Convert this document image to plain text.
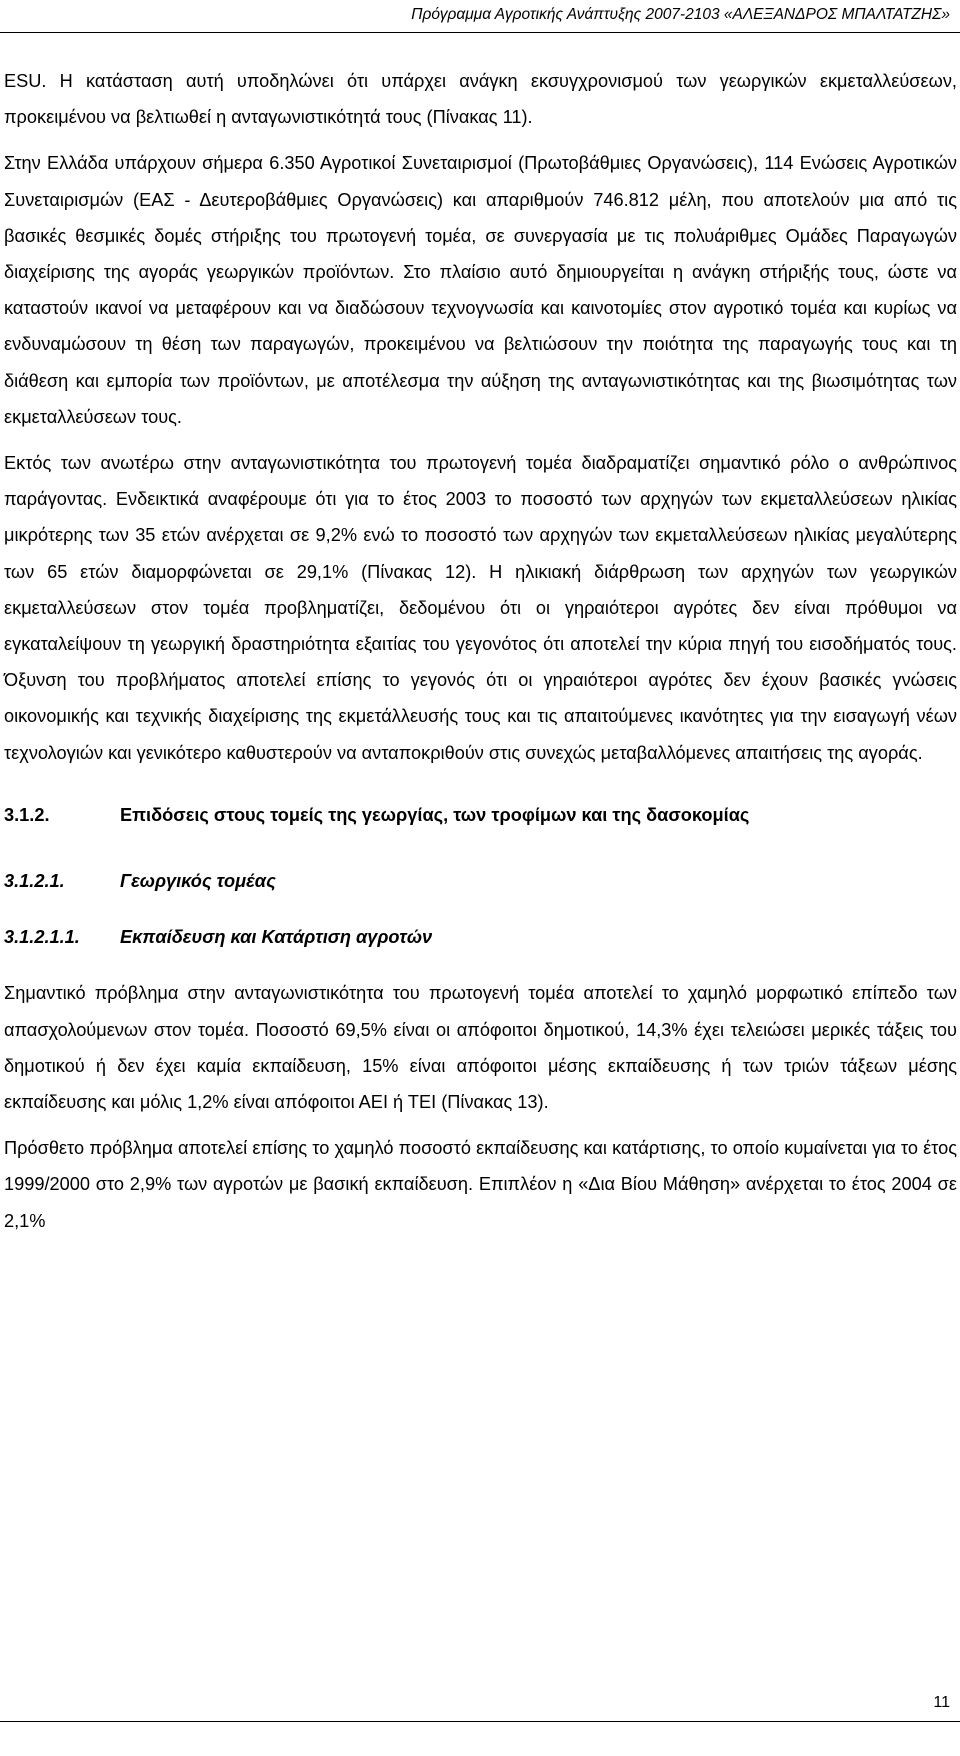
Πρόγραμμα Αγροτικής Ανάπτυξης 2007-2103 «ΑΛΕΞΑΝΔΡΟΣ ΜΠΑΛΤΑΤΖΗΣ»

ESU. Η κατάσταση αυτή υποδηλώνει ότι υπάρχει ανάγκη εκσυγχρονισμού των γεωργικών εκμεταλλεύσεων, προκειμένου να βελτιωθεί η ανταγωνιστικότητά τους (Πίνακας 11).

Στην Ελλάδα υπάρχουν σήμερα 6.350 Αγροτικοί Συνεταιρισμοί (Πρωτοβάθμιες Οργανώσεις), 114 Ενώσεις Αγροτικών Συνεταιρισμών (ΕΑΣ - Δευτεροβάθμιες Οργανώσεις) και απαριθμούν 746.812 μέλη, που αποτελούν μια από τις βασικές θεσμικές δομές στήριξης του πρωτογενή τομέα, σε συνεργασία με τις πολυάριθμες Ομάδες Παραγωγών διαχείρισης της αγοράς γεωργικών προϊόντων. Στο πλαίσιο αυτό δημιουργείται η ανάγκη στήριξής τους, ώστε να καταστούν ικανοί να μεταφέρουν και να διαδώσουν τεχνογνωσία και καινοτομίες στον αγροτικό τομέα και κυρίως να ενδυναμώσουν τη θέση των παραγωγών, προκειμένου να βελτιώσουν την ποιότητα της παραγωγής τους και τη διάθεση και εμπορία των προϊόντων, με αποτέλεσμα την αύξηση της ανταγωνιστικότητας και της βιωσιμότητας των εκμεταλλεύσεων τους.

Εκτός των ανωτέρω στην ανταγωνιστικότητα του πρωτογενή τομέα διαδραματίζει σημαντικό ρόλο ο ανθρώπινος παράγοντας. Ενδεικτικά αναφέρουμε ότι για το έτος 2003 το ποσοστό των αρχηγών των εκμεταλλεύσεων ηλικίας μικρότερης των 35 ετών ανέρχεται σε 9,2% ενώ το ποσοστό των αρχηγών των εκμεταλλεύσεων ηλικίας μεγαλύτερης των 65 ετών διαμορφώνεται σε 29,1% (Πίνακας 12). Η ηλικιακή διάρθρωση των αρχηγών των γεωργικών εκμεταλλεύσεων στον τομέα προβληματίζει, δεδομένου ότι οι γηραιότεροι αγρότες δεν είναι πρόθυμοι να εγκαταλείψουν τη γεωργική δραστηριότητα εξαιτίας του γεγονότος ότι αποτελεί την κύρια πηγή του εισοδήματός τους. Όξυνση του προβλήματος αποτελεί επίσης το γεγονός ότι οι γηραιότεροι αγρότες δεν έχουν βασικές γνώσεις οικονομικής και τεχνικής διαχείρισης της εκμετάλλευσής τους και τις απαιτούμενες ικανότητες για την εισαγωγή νέων τεχνολογιών και γενικότερο καθυστερούν να ανταποκριθούν στις συνεχώς μεταβαλλόμενες απαιτήσεις της αγοράς.

3.1.2.	Επιδόσεις στους τομείς της γεωργίας, των τροφίμων και της δασοκομίας
3.1.2.1.	Γεωργικός τομέας
3.1.2.1.1.	Εκπαίδευση και Κατάρτιση αγροτών

Σημαντικό πρόβλημα στην ανταγωνιστικότητα του πρωτογενή τομέα αποτελεί το χαμηλό μορφωτικό επίπεδο των απασχολούμενων στον τομέα. Ποσοστό 69,5% είναι οι απόφοιτοι δημοτικού, 14,3% έχει τελειώσει μερικές τάξεις του δημοτικού ή δεν έχει καμία εκπαίδευση, 15% είναι απόφοιτοι μέσης εκπαίδευσης ή των τριών τάξεων μέσης εκπαίδευσης και μόλις 1,2% είναι απόφοιτοι ΑΕΙ ή ΤΕΙ (Πίνακας 13).

Πρόσθετο πρόβλημα αποτελεί επίσης το χαμηλό ποσοστό εκπαίδευσης και κατάρτισης, το οποίο κυμαίνεται για το έτος 1999/2000 στο 2,9% των αγροτών με βασική εκπαίδευση. Επιπλέον η «Δια Βίου Μάθηση» ανέρχεται το έτος 2004 σε 2,1%

11
